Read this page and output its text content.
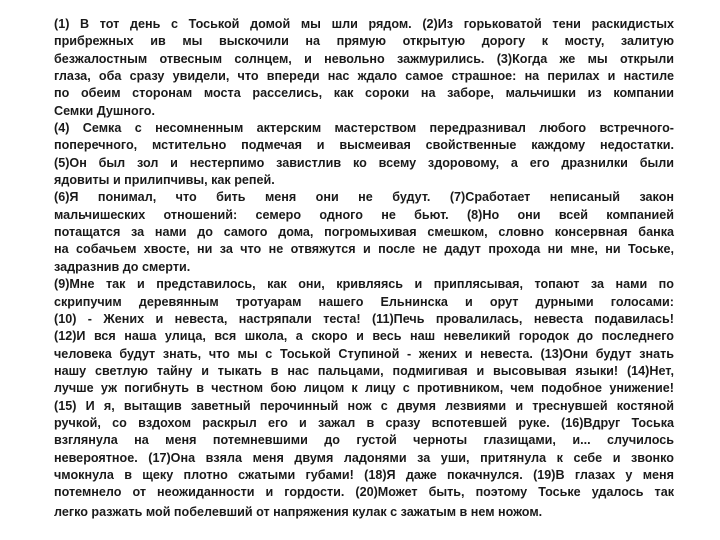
(1) В тот день с Тоськой домой мы шли рядом. (2)Из горьковатой тени раскидистых
прибрежных ив мы выскочили на прямую открытую дорогу к мосту, залитую
безжалостным отвесным солнцем, и невольно зажмурились. (3)Когда же мы открыли
глаза, оба сразу увидели, что впереди нас ждало самое страшное: на перилах и настиле
по обеим сторонам моста расселись, как сороки на заборе, мальчишки из компании
Семки Душного.
(4) Семка с несомненным актерским мастерством передразнивал любого встречного-
поперечного, мстительно подмечая и высмеивая свойственные каждому недостатки.
(5)Он был зол и нестерпимо завистлив ко всему здоровому, а его дразнилки были
ядовиты и прилипчивы, как репей.
(6)Я понимал, что бить меня они не будут. (7)Сработает неписаный закон
мальчишеских отношений: семеро одного не бьют. (8)Но они всей компанией
потащатся за нами до самого дома, погромыхивая смешком, словно консервная банка
на собачьем хвосте, ни за что не отвяжутся и после не дадут прохода ни мне, ни Тоське,
задразнив до смерти.
(9)Мне так и представилось, как они, кривляясь и приплясывая, топают за нами по
скрипучим деревянным тротуарам нашего Ельнинска и орут дурными голосами:
(10) - Жених и невеста, настряпали теста! (11)Печь провалилась, невеста подавилась!
(12)И вся наша улица, вся школа, а скоро и весь наш невеликий городок до последнего
человека будут знать, что мы с Тоськой Ступиной - жених и невеста. (13)Они будут знать
нашу светлую тайну и тыкать в нас пальцами, подмигивая и высовывая языки! (14)Нет,
лучше уж погибнуть в честном бою лицом к лицу с противником, чем подобное унижение!
(15) И я, вытащив заветный перочинный нож с двумя лезвиями и треснувшей костяной
ручкой, со вздохом раскрыл его и зажал в сразу вспотевшей руке. (16)Вдруг Тоська
взглянула на меня потемневшими до густой черноты глазищами, и... случилось
невероятное. (17)Она взяла меня двумя ладонями за уши, притянула к себе и звонко
чмокнула в щеку плотно сжатыми губами! (18)Я даже покачнулся. (19)В глазах у меня
потемнело от неожиданности и гордости. (20)Может быть, поэтому Тоське удалось так
легко разжать мой побелевший от напряжения кулак с зажатым в нем ножом.
